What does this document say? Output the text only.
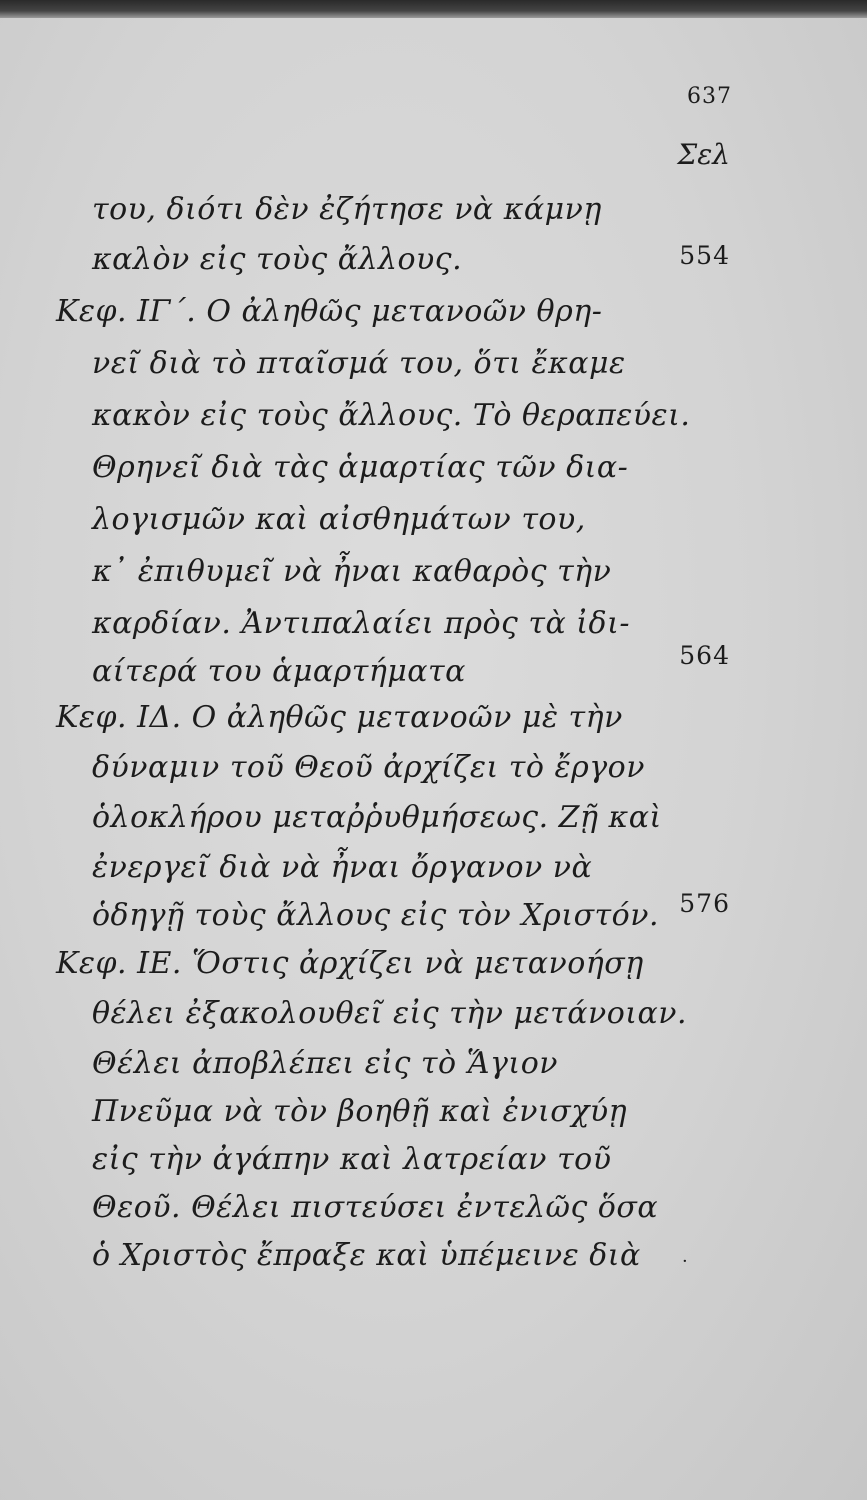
637
Σελ
του, διότι δὲν ἐζήτησε νὰ κάμνῃ
καλὸν εἰς τοὺς ἄλλους.	554
Κεφ. ΙΓ΄. Ο ἀληθῶς μετανοῶν θρη-
νεῖ διὰ τὸ πταῖσμά του, ὅτι ἔκαμε
κακὸν εἰς τοὺς ἄλλους. Τὸ θεραπεύει.
Θρηνεῖ διὰ τὰς ἁμαρτίας τῶν δια-
λογισμῶν καὶ αἰσθημάτων του,
κ᾽ ἐπιθυμεῖ νὰ ἦναι καθαρὸς τὴν
καρδίαν. Ἀντιπαλαίει πρὸς τὰ ἰδι-
αίτερά του ἁμαρτήματα	564
Κεφ. ΙΔ. Ο ἀληθῶς μετανοῶν μὲ τὴν
δύναμιν τοῦ Θεοῦ ἀρχίζει τὸ ἔργον
ὁλοκλήρου μεταῤῥυθμήσεως. Ζῇ καὶ
ἐνεργεῖ διὰ νὰ ἦναι ὄργανον νὰ
ὁδηγῇ τοὺς ἄλλους εἰς τὸν Χριστόν. 576
Κεφ. ΙΕ. Ὅστις ἀρχίζει νὰ μετανοήσῃ
θέλει ἐξακολουθεῖ εἰς τὴν μετάνοιαν.
Θέλει ἀποβλέπει εἰς τὸ Ἅγιον
Πνεῦμα νὰ τὸν βοηθῇ καὶ ἐνισχύῃ
εἰς τὴν ἀγάπην καὶ λατρείαν τοῦ
Θεοῦ. Θέλει πιστεύσει ἐντελῶς ὅσα
ὁ Χριστὸς ἔπραξε καὶ ὑπέμεινε διὰ	·
